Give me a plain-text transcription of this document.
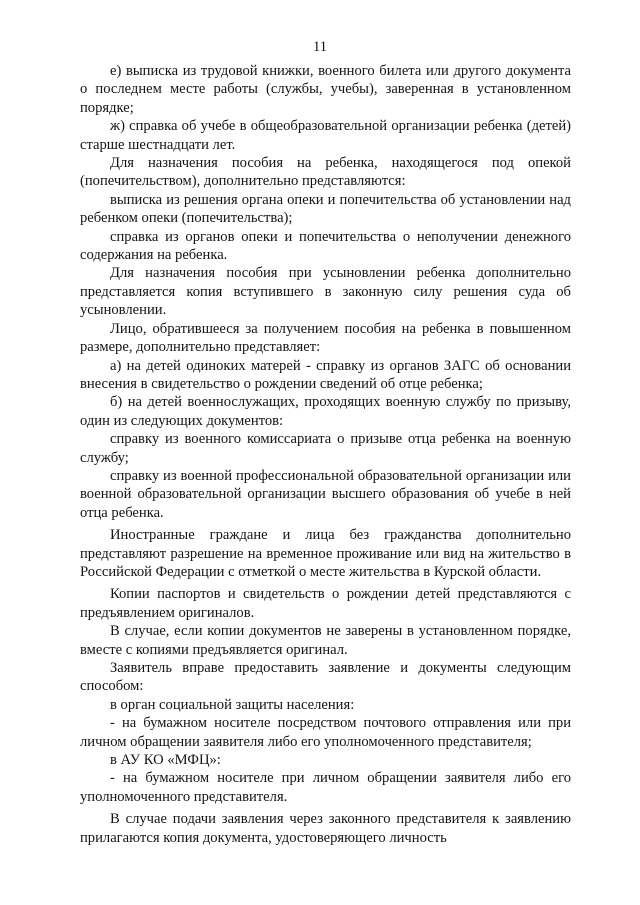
11

е) выписка из трудовой книжки, военного билета или другого документа о последнем месте работы (службы, учебы), заверенная в установленном порядке;

ж) справка об учебе в общеобразовательной организации ребенка (детей) старше шестнадцати лет.

Для назначения пособия на ребенка, находящегося под опекой (попечительством), дополнительно представляются:

выписка из решения органа опеки и попечительства об установлении над ребенком опеки (попечительства);

справка из органов опеки и попечительства о неполучении денежного содержания на ребенка.

Для назначения пособия при усыновлении ребенка дополнительно представляется копия вступившего в законную силу решения суда об усыновлении.

Лицо, обратившееся за получением пособия на ребенка в повышенном размере, дополнительно представляет:

а) на детей одиноких матерей - справку из органов ЗАГС об основании внесения в свидетельство о рождении сведений об отце ребенка;

б) на детей военнослужащих, проходящих военную службу по призыву, один из следующих документов:

справку из военного комиссариата о призыве отца ребенка на военную службу;

справку из военной профессиональной образовательной организации или военной образовательной организации высшего образования об учебе в ней отца ребенка.

Иностранные граждане и лица без гражданства дополнительно представляют разрешение на временное проживание или вид на жительство в Российской Федерации с отметкой о месте жительства в Курской области.

Копии паспортов и свидетельств о рождении детей представляются с предъявлением оригиналов.

В случае, если копии документов не заверены в установленном порядке, вместе с копиями предъявляется оригинал.

Заявитель вправе предоставить заявление и документы следующим способом:

в орган социальной защиты населения:

- на бумажном носителе посредством почтового отправления или при личном обращении заявителя либо его уполномоченного представителя;

в АУ КО «МФЦ»:

- на бумажном носителе при личном обращении заявителя либо его уполномоченного представителя.

В случае подачи заявления через законного представителя к заявлению прилагаются копия документа, удостоверяющего личность
